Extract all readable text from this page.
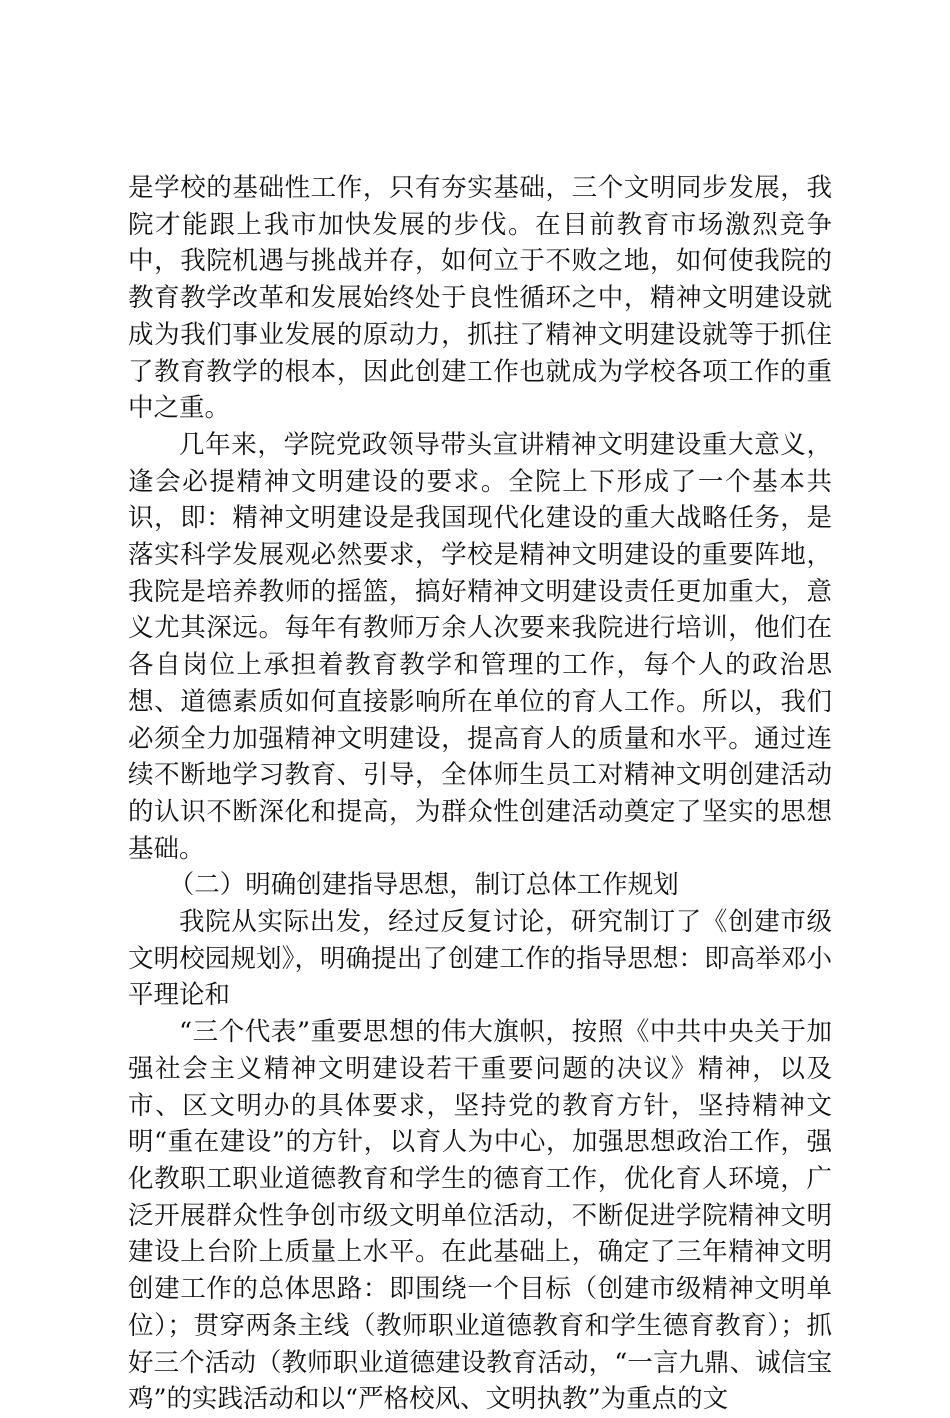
是学校的基础性工作，只有夯实基础，三个文明同步发展，我院才能跟上我市加快发展的步伐。在目前教育市场激烈竞争中，我院机遇与挑战并存，如何立于不败之地，如何使我院的教育教学改革和发展始终处于良性循环之中，精神文明建设就成为我们事业发展的原动力，抓拄了精神文明建设就等于抓住了教育教学的根本，因此创建工作也就成为学校各项工作的重中之重。

几年来，学院党政领导带头宣讲精神文明建设重大意义，逢会必提精神文明建设的要求。全院上下形成了一个基本共识，即：精神文明建设是我国现代化建设的重大战略任务，是落实科学发展观必然要求，学校是精神文明建设的重要阵地，我院是培养教师的摇篮，搞好精神文明建设责任更加重大，意义尤其深远。每年有教师万余人次要来我院进行培训，他们在各自岗位上承担着教育教学和管理的工作，每个人的政治思想、道德素质如何直接影响所在单位的育人工作。所以，我们必须全力加强精神文明建设，提高育人的质量和水平。通过连续不断地学习教育、引导，全体师生员工对精神文明创建活动的认识不断深化和提高，为群众性创建活动奠定了坚实的思想基础。

（二）明确创建指导思想，制订总体工作规划

我院从实际出发，经过反复讨论，研究制订了《创建市级文明校园规划》，明确提出了创建工作的指导思想：即高举邓小平理论和

“三个代表”重要思想的伟大旗帜，按照《中共中央关于加强社会主义精神文明建设若干重要问题的决议》精神，以及市、区文明办的具体要求，坚持党的教育方针，坚持精神文明“重在建设”的方针，以育人为中心，加强思想政治工作，强化教职工职业道德教育和学生的德育工作，优化育人环境，广泛开展群众性争创市级文明单位活动，不断促进学院精神文明建设上台阶上质量上水平。在此基础上，确定了三年精神文明创建工作的总体思路：即围绕一个目标（创建市级精神文明单位）；贯穿两条主线（教师职业道德教育和学生德育教育）；抓好三个活动（教师职业道德建设教育活动，“一言九鼎、诚信宝鸡”的实践活动和以“严格校风、文明执教”为重点的文
